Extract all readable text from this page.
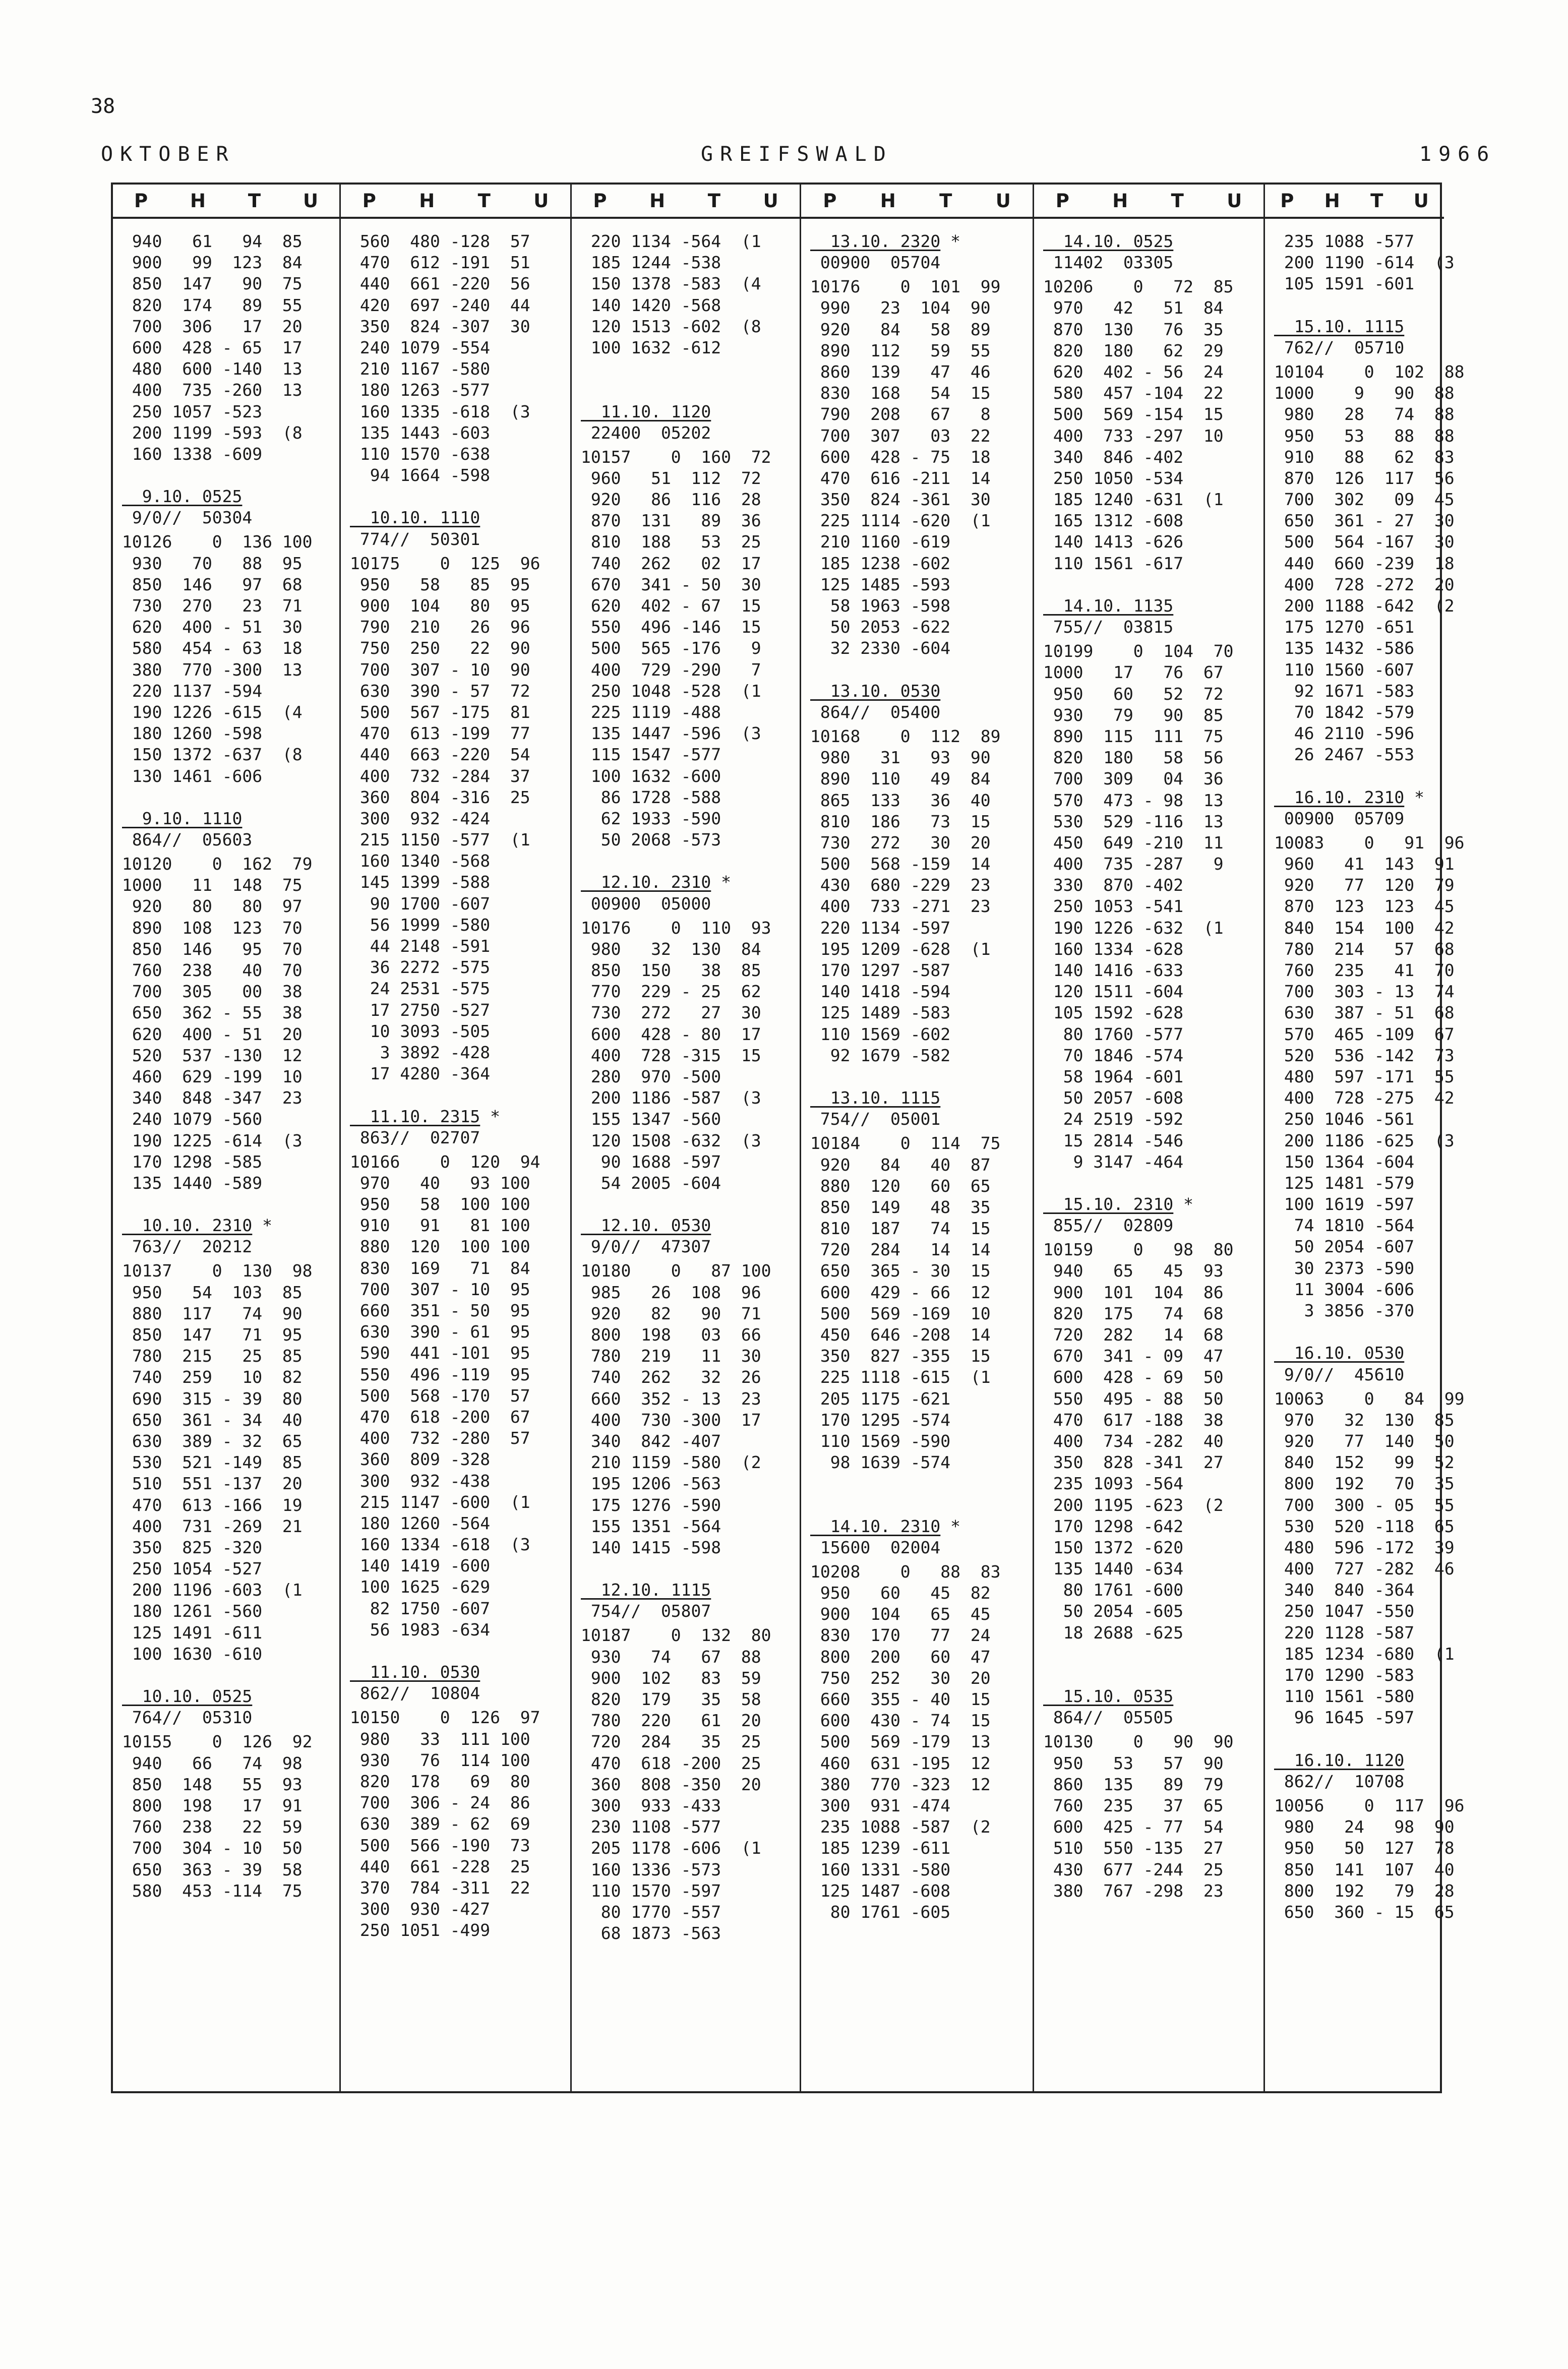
38
OKTOBER	GREIFSWALD	1966
P H T U
940   61   94  85
900   99  123  84
850  147   90  75
820  174   89  55
700  306   17  20
600  428 - 65  17
480  600 -140  13
400  735 -260  13
250 1057 -523
200 1199 -593  (8
160 1338 -609
9.10. 0525
9/0//  50304
10126    0  136 100
930   70   88  95
850  146   97  68
730  270   23  71
620  400 - 51  30
580  454 - 63  18
380  770 -300  13
220 1137 -594
190 1226 -615  (4
180 1260 -598
150 1372 -637  (8
130 1461 -606
9.10. 1110
864//  05603
10120    0  162  79
1000   11  148  75
920   80   80  97
890  108  123  70
850  146   95  70
760  238   40  70
700  305   00  38
650  362 - 55  38
620  400 - 51  20
520  537 -130  12
460  629 -199  10
340  848 -347  23
240 1079 -560
190 1225 -614  (3
170 1298 -585
135 1440 -589
10.10. 2310 *
763//  20212
10137    0  130  98
950   54  103  85
880  117   74  90
850  147   71  95
780  215   25  85
740  259   10  82
690  315 - 39  80
650  361 - 34  40
630  389 - 32  65
530  521 -149  85
510  551 -137  20
470  613 -166  19
400  731 -269  21
350  825 -320
250 1054 -527
200 1196 -603  (1
180 1261 -560
125 1491 -611
100 1630 -610
10.10. 0525
764//  05310
10155    0  126  92
940   66   74  98
850  148   55  93
800  198   17  91
760  238   22  59
700  304 - 10  50
650  363 - 39  58
580  453 -114  75
P H T U
560  480 -128  57
470  612 -191  51
440  661 -220  56
420  697 -240  44
350  824 -307  30
240 1079 -554
210 1167 -580
180 1263 -577
160 1335 -618  (3
135 1443 -603
110 1570 -638
94 1664 -598
10.10. 1110
774//  50301
10175    0  125  96
950   58   85  95
900  104   80  95
790  210   26  96
750  250   22  90
700  307 - 10  90
630  390 - 57  72
500  567 -175  81
470  613 -199  77
440  663 -220  54
400  732 -284  37
360  804 -316  25
300  932 -424
215 1150 -577  (1
160 1340 -568
145 1399 -588
90 1700 -607
56 1999 -580
44 2148 -591
36 2272 -575
24 2531 -575
17 2750 -527
10 3093 -505
3 3892 -428
17 4280 -364
11.10. 2315 *
863//  02707
10166    0  120  94
970   40   93 100
950   58  100 100
910   91   81 100
880  120  100 100
830  169   71  84
700  307 - 10  95
660  351 - 50  95
630  390 - 61  95
590  441 -101  95
550  496 -119  95
500  568 -170  57
470  618 -200  67
400  732 -280  57
360  809 -328
300  932 -438
215 1147 -600  (1
180 1260 -564
160 1334 -618  (3
140 1419 -600
100 1625 -629
82 1750 -607
56 1983 -634
11.10. 0530
862//  10804
10150    0  126  97
980   33  111 100
930   76  114 100
820  178   69  80
700  306 - 24  86
630  389 - 62  69
500  566 -190  73
440  661 -228  25
370  784 -311  22
300  930 -427
250 1051 -499
P H T U
220 1134 -564  (1
185 1244 -538
150 1378 -583  (4
140 1420 -568
120 1513 -602  (8
100 1632 -612
11.10. 1120
22400  05202
10157    0  160  72
960   51  112  72
920   86  116  28
870  131   89  36
810  188   53  25
740  262   02  17
670  341 - 50  30
620  402 - 67  15
550  496 -146  15
500  565 -176   9
400  729 -290   7
250 1048 -528  (1
225 1119 -488
135 1447 -596  (3
115 1547 -577
100 1632 -600
86 1728 -588
62 1933 -590
50 2068 -573
12.10. 2310 *
00900  05000
10176    0  110  93
980   32  130  84
850  150   38  85
770  229 - 25  62
730  272   27  30
600  428 - 80  17
400  728 -315  15
280  970 -500
200 1186 -587  (3
155 1347 -560
120 1508 -632  (3
90 1688 -597
54 2005 -604
12.10. 0530
9/0//  47307
10180    0   87 100
985   26  108  96
920   82   90  71
800  198   03  66
780  219   11  30
740  262   32  26
660  352 - 13  23
400  730 -300  17
340  842 -407
210 1159 -580  (2
195 1206 -563
175 1276 -590
155 1351 -564
140 1415 -598
12.10. 1115
754//  05807
10187    0  132  80
930   74   67  88
900  102   83  59
820  179   35  58
780  220   61  20
720  284   35  25
470  618 -200  25
360  808 -350  20
300  933 -433
230 1108 -577
205 1178 -606  (1
160 1336 -573
110 1570 -597
80 1770 -557
68 1873 -563
P H T U
13.10. 2320 *
00900  05704
10176    0  101  99
990   23  104  90
920   84   58  89
890  112   59  55
860  139   47  46
830  168   54  15
790  208   67   8
700  307   03  22
600  428 - 75  18
470  616 -211  14
350  824 -361  30
225 1114 -620  (1
210 1160 -619
185 1238 -602
125 1485 -593
58 1963 -598
50 2053 -622
32 2330 -604
13.10. 0530
864//  05400
10168    0  112  89
980   31   93  90
890  110   49  84
865  133   36  40
810  186   73  15
730  272   30  20
500  568 -159  14
430  680 -229  23
400  733 -271  23
220 1134 -597
195 1209 -628  (1
170 1297 -587
140 1418 -594
125 1489 -583
110 1569 -602
92 1679 -582
13.10. 1115
754//  05001
10184    0  114  75
920   84   40  87
880  120   60  65
850  149   48  35
810  187   74  15
720  284   14  14
650  365 - 30  15
600  429 - 66  12
500  569 -169  10
450  646 -208  14
350  827 -355  15
225 1118 -615  (1
205 1175 -621
170 1295 -574
110 1569 -590
98 1639 -574
14.10. 2310 *
15600  02004
10208    0   88  83
950   60   45  82
900  104   65  45
830  170   77  24
800  200   60  47
750  252   30  20
660  355 - 40  15
600  430 - 74  15
500  569 -179  13
460  631 -195  12
380  770 -323  12
300  931 -474
235 1088 -587  (2
185 1239 -611
160 1331 -580
125 1487 -608
80 1761 -605
P H T U
14.10. 0525
11402  03305
10206    0   72  85
970   42   51  84
870  130   76  35
820  180   62  29
620  402 - 56  24
580  457 -104  22
500  569 -154  15
400  733 -297  10
340  846 -402
250 1050 -534
185 1240 -631  (1
165 1312 -608
140 1413 -626
110 1561 -617
14.10. 1135
755//  03815
10199    0  104  70
1000   17   76  67
950   60   52  72
930   79   90  85
890  115  111  75
820  180   58  56
700  309   04  36
570  473 - 98  13
530  529 -116  13
450  649 -210  11
400  735 -287   9
330  870 -402
250 1053 -541
190 1226 -632  (1
160 1334 -628
140 1416 -633
120 1511 -604
105 1592 -628
80 1760 -577
70 1846 -574
58 1964 -601
50 2057 -608
24 2519 -592
15 2814 -546
9 3147 -464
15.10. 2310 *
855//  02809
10159    0   98  80
940   65   45  93
900  101  104  86
820  175   74  68
720  282   14  68
670  341 - 09  47
600  428 - 69  50
550  495 - 88  50
470  617 -188  38
400  734 -282  40
350  828 -341  27
235 1093 -564
200 1195 -623  (2
170 1298 -642
150 1372 -620
135 1440 -634
80 1761 -600
50 2054 -605
18 2688 -625
15.10. 0535
864//  05505
10130    0   90  90
950   53   57  90
860  135   89  79
760  235   37  65
600  425 - 77  54
510  550 -135  27
430  677 -244  25
380  767 -298  23
P H T U
235 1088 -577
200 1190 -614  (3
105 1591 -601
15.10. 1115
762//  05710
10104    0  102  88
1000    9   90  88
980   28   74  88
950   53   88  88
910   88   62  83
870  126  117  56
700  302   09  45
650  361 - 27  30
500  564 -167  30
440  660 -239  18
400  728 -272  20
200 1188 -642  (2
175 1270 -651
135 1432 -586
110 1560 -607
92 1671 -583
70 1842 -579
46 2110 -596
26 2467 -553
16.10. 2310 *
00900  05709
10083    0   91  96
960   41  143  91
920   77  120  79
870  123  123  45
840  154  100  42
780  214   57  68
760  235   41  70
700  303 - 13  74
630  387 - 51  68
570  465 -109  67
520  536 -142  73
480  597 -171  55
400  728 -275  42
250 1046 -561
200 1186 -625  (3
150 1364 -604
125 1481 -579
100 1619 -597
74 1810 -564
50 2054 -607
30 2373 -590
11 3004 -606
3 3856 -370
16.10. 0530
9/0//  45610
10063    0   84  99
970   32  130  85
920   77  140  50
840  152   99  52
800  192   70  35
700  300 - 05  55
530  520 -118  65
480  596 -172  39
400  727 -282  46
340  840 -364
250 1047 -550
220 1128 -587
185 1234 -680  (1
170 1290 -583
110 1561 -580
96 1645 -597
16.10. 1120
862//  10708
10056    0  117  96
980   24   98  90
950   50  127  78
850  141  107  40
800  192   79  28
650  360 - 15  65
